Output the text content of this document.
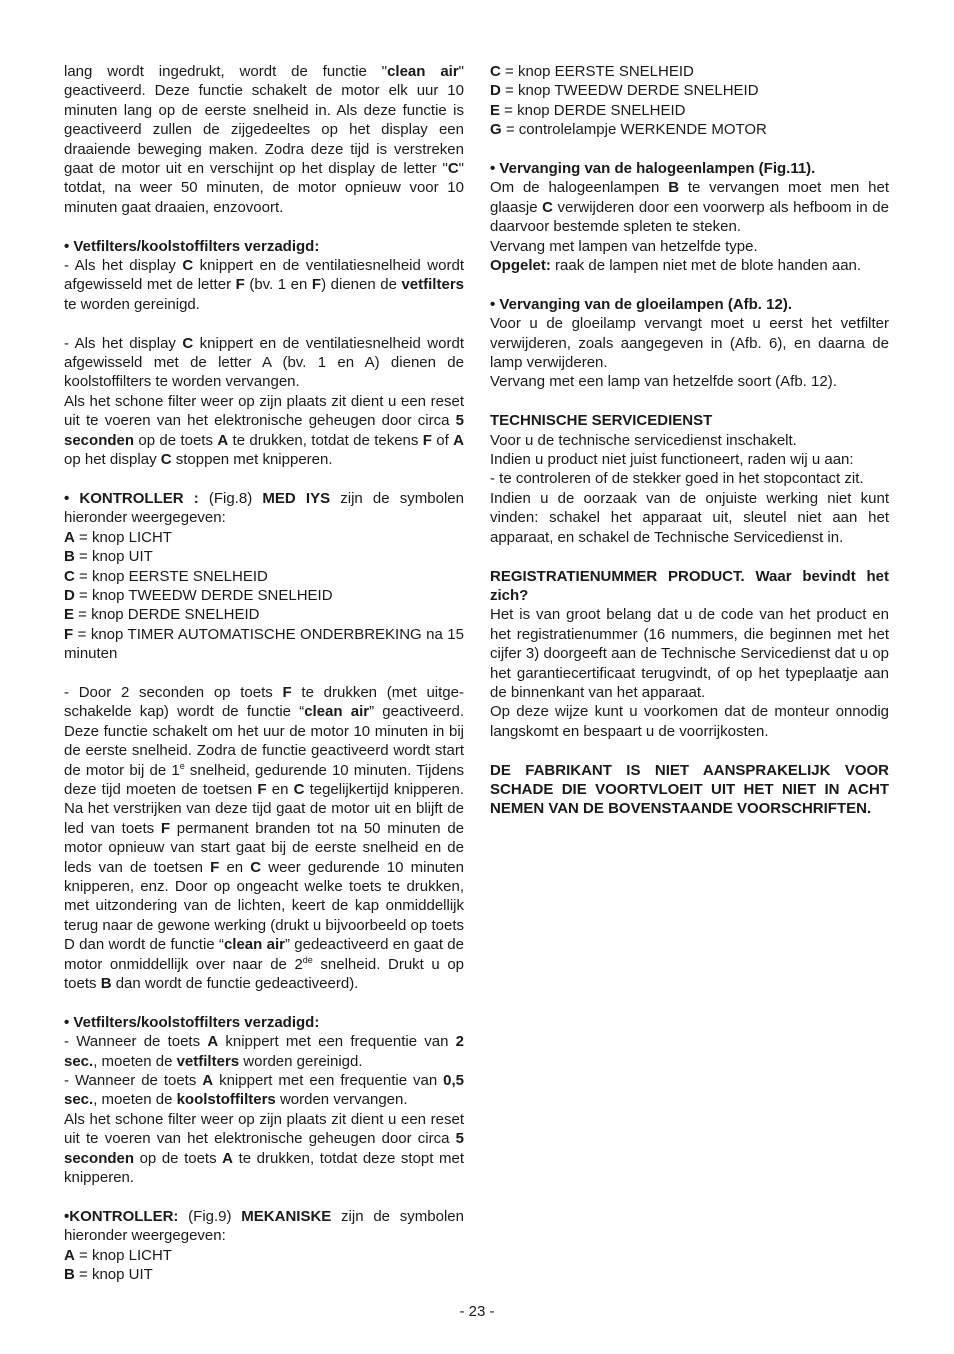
lang wordt ingedrukt, wordt de functie "clean air" geactiveerd. Deze functie schakelt de motor elk uur 10 minuten lang op de eerste snelheid in. Als deze functie is geactiveerd zullen de zijgedeeltes op het display een draaiende beweging maken. Zodra deze tijd is verstreken gaat de motor uit en verschijnt op het display de letter "C" totdat, na weer 50 minuten, de motor opnieuw voor 10 minuten gaat draaien, enzovoort.

• Vetfilters/koolstoffilters verzadigd:

- Als het display C knippert en de ventilatiesnelheid wordt afgewisseld met de letter F (bv. 1 en F) dienen de vetfilters te worden gereinigd.

- Als het display C knippert en de ventilatiesnelheid wordt afgewisseld met de letter A (bv. 1 en A) dienen de koolstoffilters te worden vervangen.

Als het schone filter weer op zijn plaats zit dient u een reset uit te voeren van het elektronische geheugen door circa 5 seconden op de toets A te drukken, totdat de tekens F of A op het display C stoppen met knipperen.

• KONTROLLER : (Fig.8) MED IYS zijn de symbolen hieronder weergegeven:

A = knop LICHT

B = knop UIT

C = knop EERSTE SNELHEID

D = knop TWEEDW DERDE SNELHEID

E = knop DERDE SNELHEID

F = knop TIMER AUTOMATISCHE ONDERBREKING na 15 minuten

- Door 2 seconden op toets F te drukken (met uitge-schakelde kap) wordt de functie “clean air” geactiveerd. Deze functie schakelt om het uur de motor 10 minuten in bij de eerste snelheid. Zodra de functie geactiveerd wordt start de motor bij de 1e snelheid, gedurende 10 minuten. Tijdens deze tijd moeten de toetsen F en C tegelijkertijd knipperen. Na het verstrijken van deze tijd gaat de motor uit en blijft de led van toets F permanent branden tot na 50 minuten de motor opnieuw van start gaat bij de eerste snelheid en de leds van de toetsen F en C weer gedurende 10 minuten knipperen, enz. Door op ongeacht welke toets te drukken, met uitzondering van de lichten, keert de kap onmiddellijk terug naar de gewone werking (drukt u bijvoorbeeld op toets D dan wordt de functie “clean air” gedeactiveerd en gaat de motor onmiddellijk over naar de 2de snelheid. Drukt u op toets B dan wordt de functie gedeactiveerd).

• Vetfilters/koolstoffilters verzadigd:

- Wanneer de toets A knippert met een frequentie van 2 sec., moeten de vetfilters worden gereinigd.

- Wanneer de toets A knippert met een frequentie van 0,5 sec., moeten de koolstoffilters worden vervangen.

Als het schone filter weer op zijn plaats zit dient u een reset uit te voeren van het elektronische geheugen door circa 5 seconden op de toets A te drukken, totdat deze stopt met knipperen.

•KONTROLLER: (Fig.9) MEKANISKE zijn de symbolen hieronder weergegeven:

A = knop LICHT

B = knop UIT

C = knop EERSTE SNELHEID

D = knop TWEEDW DERDE SNELHEID

E = knop DERDE SNELHEID

G = controlelampje WERKENDE MOTOR

• Vervanging van de halogeenlampen (Fig.11).

Om de halogeenlampen B te vervangen moet men het glaasje C verwijderen door een voorwerp als hefboom in de daarvoor bestemde spleten te steken.

Vervang met lampen van hetzelfde type.

Opgelet: raak de lampen niet met de blote handen aan.

• Vervanging van de gloeilampen (Afb. 12).

Voor u de gloeilamp vervangt moet u eerst het vetfilter verwijderen, zoals aangegeven in (Afb. 6), en daarna de lamp verwijderen.

Vervang met een lamp van hetzelfde soort (Afb. 12).

TECHNISCHE SERVICEDIENST

Voor u de technische servicedienst inschakelt.

Indien u product niet juist functioneert, raden wij u aan:

- te controleren of de stekker goed in het stopcontact zit.

Indien u de oorzaak van de onjuiste werking niet kunt vinden: schakel het apparaat uit, sleutel niet aan het apparaat, en schakel de Technische Servicedienst in.

REGISTRATIENUMMER PRODUCT. Waar bevindt het zich?

Het is van groot belang dat u de code van het product en het registratienummer (16 nummers, die beginnen met het cijfer 3) doorgeeft aan de Technische Servicedienst dat u op het garantiecertificaat terugvindt, of op het typeplaatje aan de binnenkant van het apparaat.

Op deze wijze kunt u voorkomen dat de monteur onnodig langskomt en bespaart u de voorrijkosten.

DE FABRIKANT IS NIET AANSPRAKELIJK VOOR SCHADE DIE VOORTVLOEIT UIT HET NIET IN ACHT NEMEN VAN DE BOVENSTAANDE VOORSCHRIFTEN.

- 23 -
